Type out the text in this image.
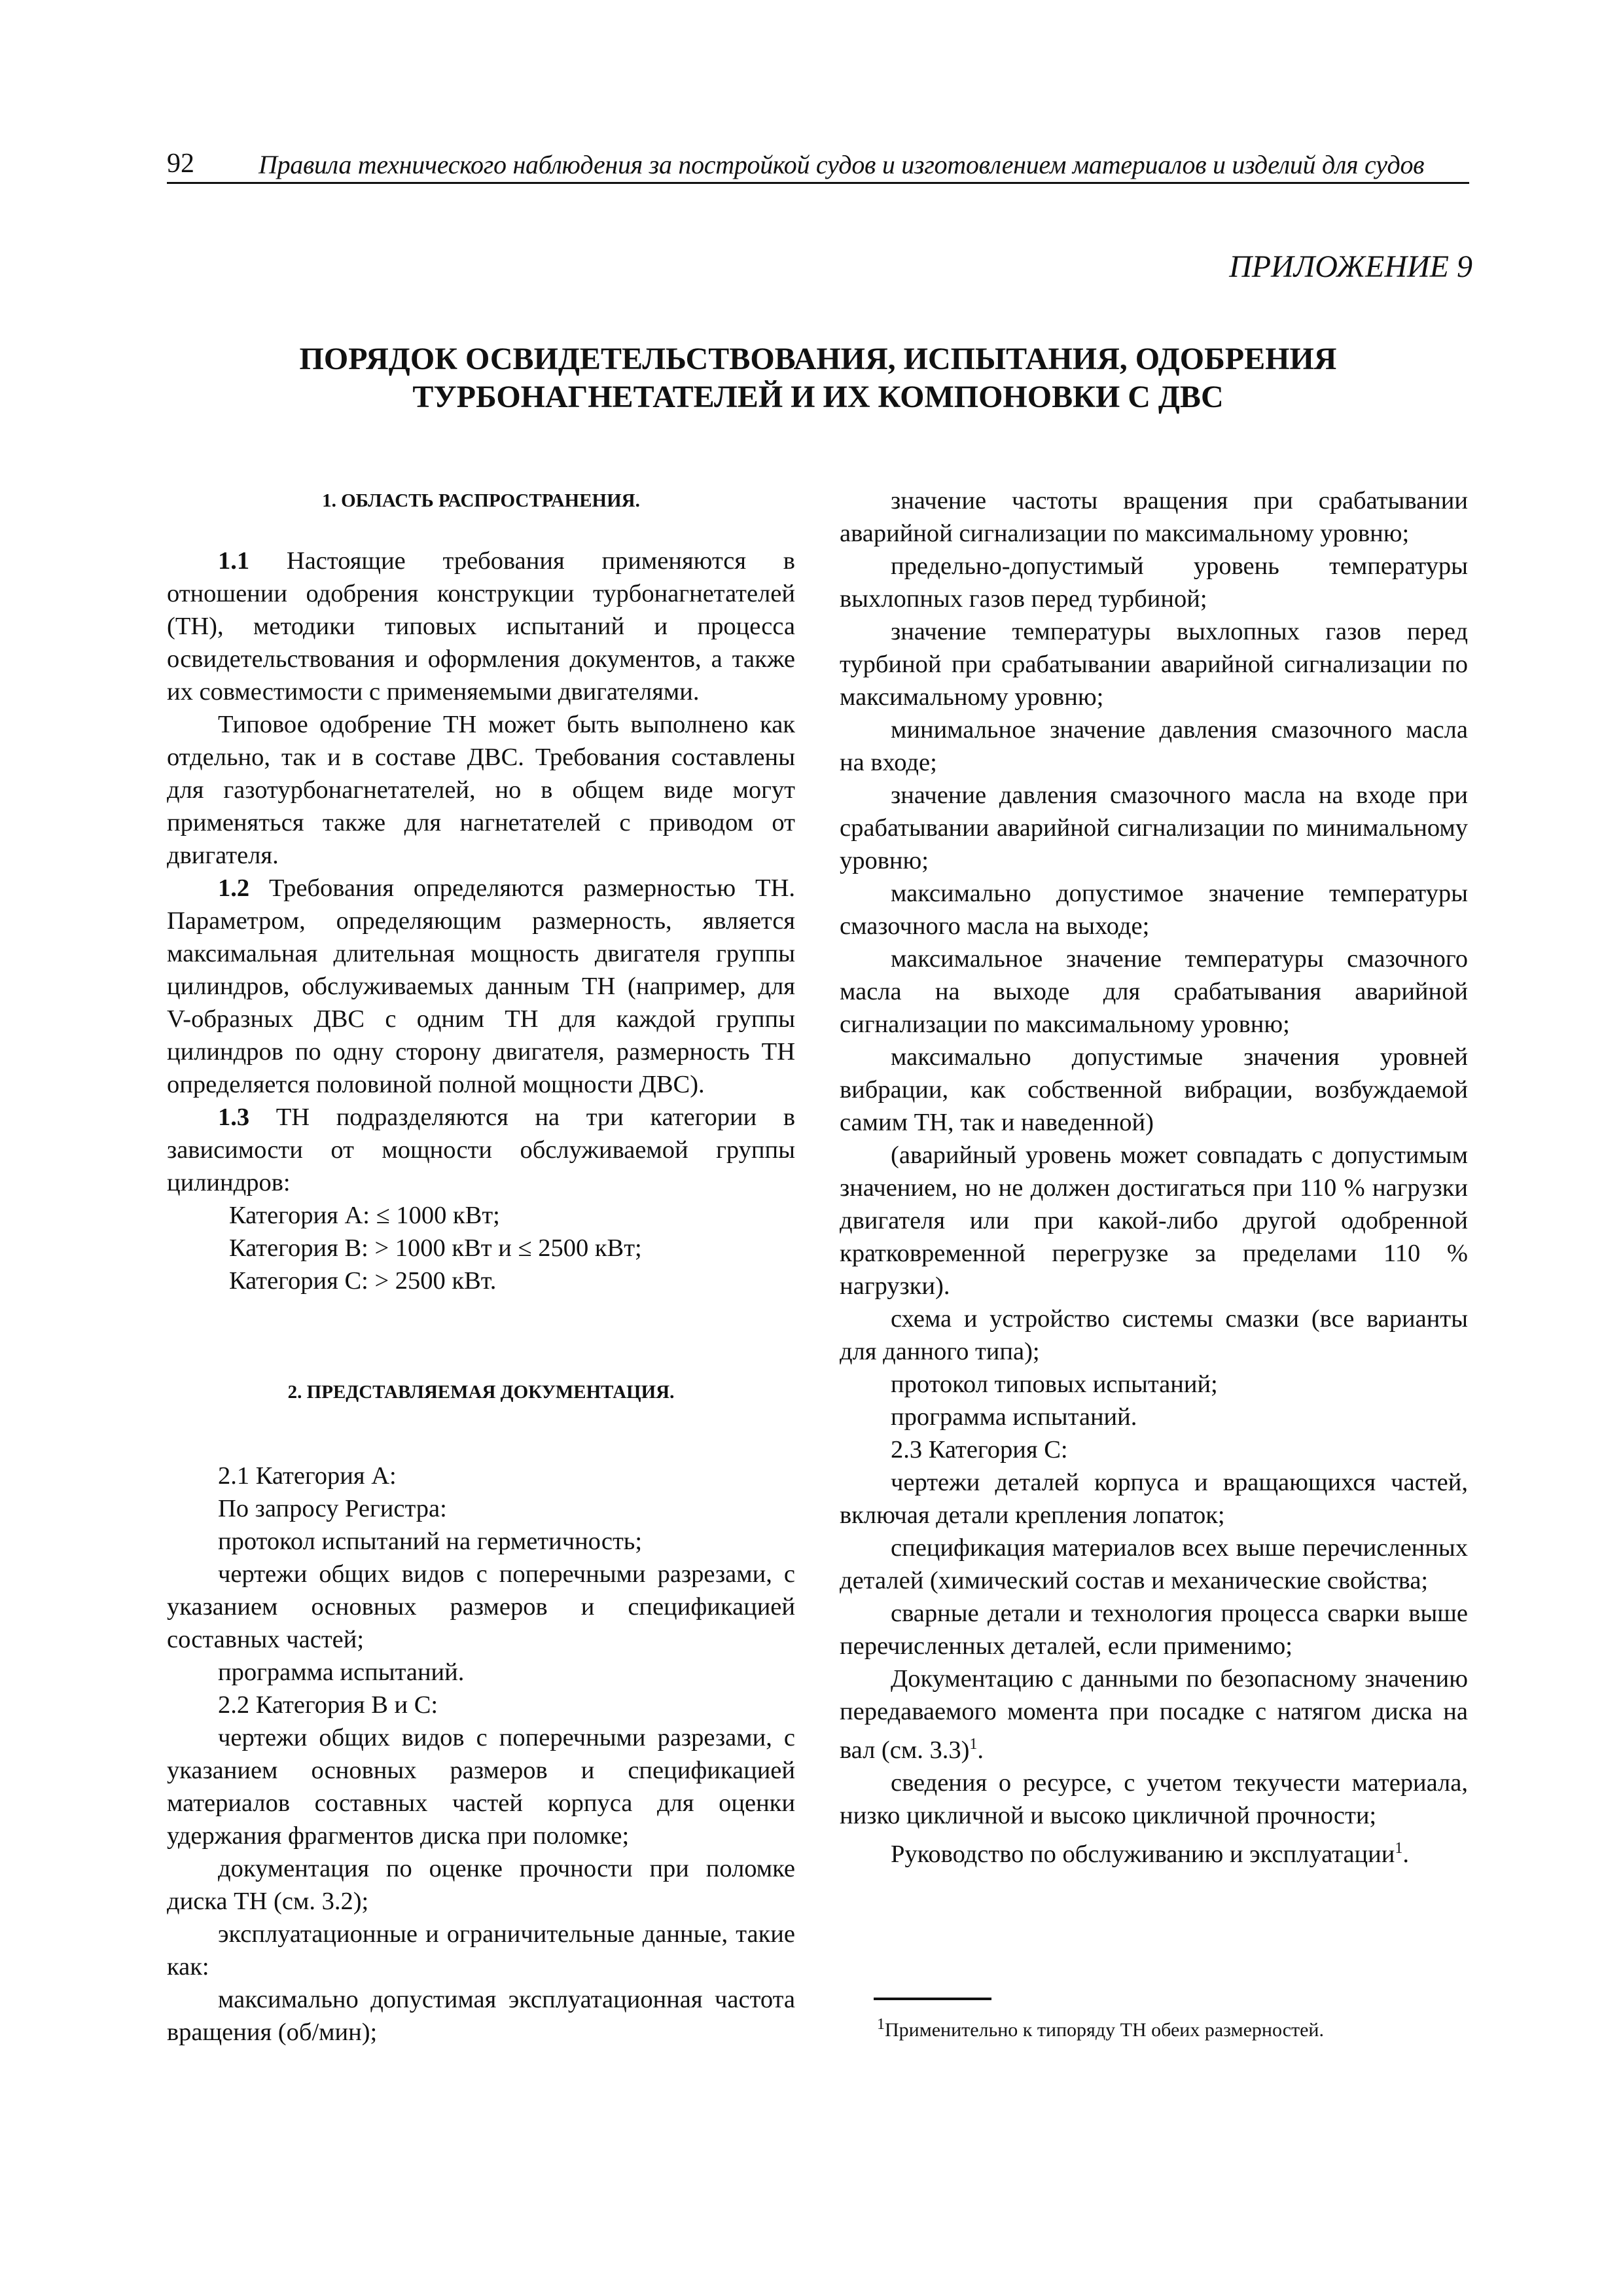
92 Правила технического наблюдения за постройкой судов и изготовлением материалов и изделий для судов
ПРИЛОЖЕНИЕ 9
ПОРЯДОК ОСВИДЕТЕЛЬСТВОВАНИЯ, ИСПЫТАНИЯ, ОДОБРЕНИЯ
ТУРБОНАГНЕТАТЕЛЕЙ И ИХ КОМПОНОВКИ С ДВС
1. ОБЛАСТЬ РАСПРОСТРАНЕНИЯ.

1.1 Настоящие требования применяются в отношении одобрения конструкции турбонагнетателей (ТН), методики типовых испытаний и процесса освидетельствования и оформления документов, а также их совместимости с применяемыми двигателями.

Типовое одобрение ТН может быть выполнено как отдельно, так и в составе ДВС. Требования составлены для газотурбонагнетателей, но в общем виде могут применяться также для нагнетателей с приводом от двигателя.

1.2 Требования определяются размерностью ТН. Параметром, определяющим размерность, является максимальная длительная мощность двигателя группы цилиндров, обслуживаемых данным ТН (например, для V-образных ДВС с одним ТН для каждой группы цилиндров по одну сторону двигателя, размерность ТН определяется половиной полной мощности ДВС).

1.3 ТН подразделяются на три категории в зависимости от мощности обслуживаемой группы цилиндров:

Категория А: ≤ 1000 кВт;

Категория В: > 1000 кВт и ≤ 2500 кВт;

Категория С: > 2500 кВт.

2. ПРЕДСТАВЛЯЕМАЯ ДОКУМЕНТАЦИЯ.

2.1 Категория А:

По запросу Регистра:

протокол испытаний на герметичность;

чертежи общих видов с поперечными разрезами, с указанием основных размеров и спецификацией составных частей;

программа испытаний.

2.2 Категория В и С:

чертежи общих видов с поперечными разрезами, с указанием основных размеров и спецификацией материалов составных частей корпуса для оценки удержания фрагментов диска при поломке;

документация по оценке прочности при поломке диска ТН (см. 3.2);

эксплуатационные и ограничительные данные, такие как:

максимально допустимая эксплуатационная частота вращения (об/мин);

значение частоты вращения при срабатывании аварийной сигнализации по максимальному уровню;

предельно-допустимый уровень температуры выхлопных газов перед турбиной;

значение температуры выхлопных газов перед турбиной при срабатывании аварийной сигнализации по максимальному уровню;

минимальное значение давления смазочного масла на входе;

значение давления смазочного масла на входе при срабатывании аварийной сигнализации по минимальному уровню;

максимально допустимое значение температуры смазочного масла на выходе;

максимальное значение температуры смазочного масла на выходе для срабатывания аварийной сигнализации по максимальному уровню;

максимально допустимые значения уровней вибрации, как собственной вибрации, возбуждаемой самим ТН, так и наведенной)

(аварийный уровень может совпадать с допустимым значением, но не должен достигаться при 110 % нагрузки двигателя или при какой-либо другой одобренной кратковременной перегрузке за пределами 110 % нагрузки).

схема и устройство системы смазки (все варианты для данного типа);

протокол типовых испытаний;

программа испытаний.

2.3 Категория С:

чертежи деталей корпуса и вращающихся частей, включая детали крепления лопаток;

спецификация материалов всех выше перечисленных деталей (химический состав и механические свойства;

сварные детали и технология процесса сварки выше перечисленных деталей, если применимо;

Документацию с данными по безопасному значению передаваемого момента при посадке с натягом диска на вал (см. 3.3)$^1$.

сведения о ресурсе, с учетом текучести материала, низко цикличной и высоко цикличной прочности;

Руководство по обслуживанию и эксплуатации$^1$.

$^1$Применительно к типоряду ТН обеих размерностей.
